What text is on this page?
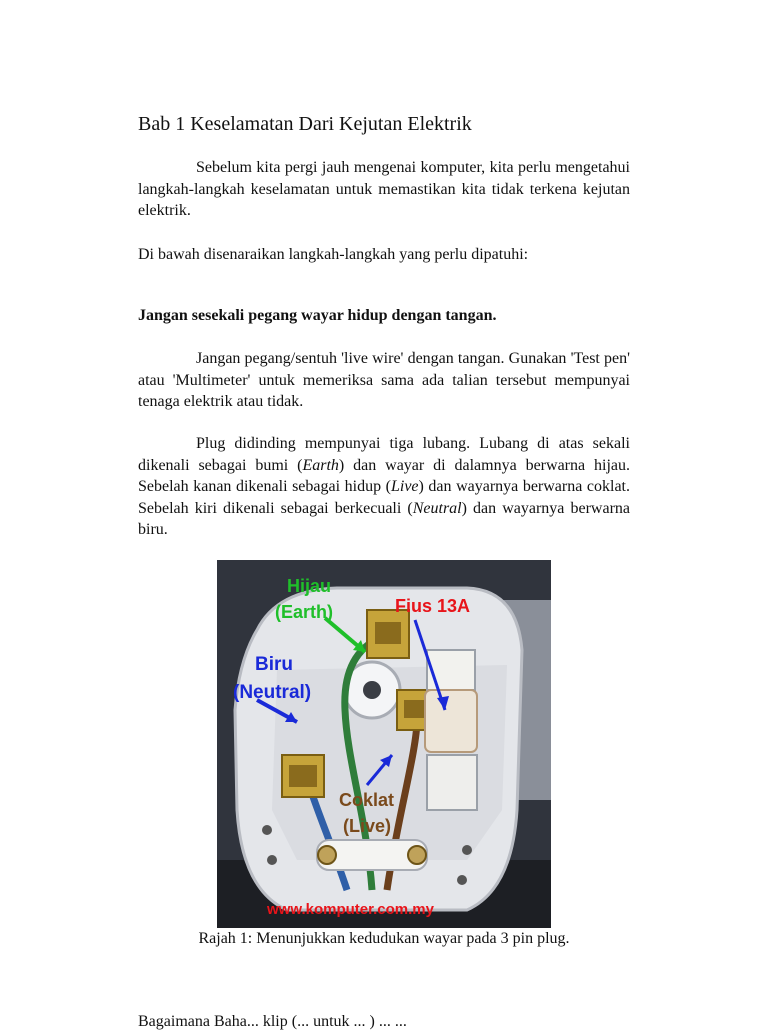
Bab 1 Keselamatan Dari Kejutan Elektrik

Sebelum kita pergi jauh mengenai komputer, kita perlu mengetahui langkah-langkah keselamatan untuk memastikan kita tidak terkena kejutan elektrik.

Di bawah disenaraikan langkah-langkah yang perlu dipatuhi:

Jangan sesekali pegang wayar hidup dengan tangan.

Jangan pegang/sentuh 'live wire' dengan tangan. Gunakan 'Test pen' atau 'Multimeter' untuk memeriksa sama ada talian tersebut mempunyai tenaga elektrik atau tidak.

Plug didinding mempunyai tiga lubang. Lubang di atas sekali dikenali sebagai bumi (Earth) dan wayar di dalamnya berwarna hijau. Sebelah kanan dikenali sebagai hidup (Live) dan wayarnya berwarna coklat. Sebelah kiri dikenali sebagai berkecuali (Neutral) dan wayarnya berwarna biru.

Hijau
(Earth)	Fius 13A
Biru
(Neutral)
Coklat
(Live)
www.komputer.com.my

Rajah 1: Menunjukkan kedudukan wayar pada 3 pin plug.

Bagaimana Baha... klip (... untuk ... ) ... ...
